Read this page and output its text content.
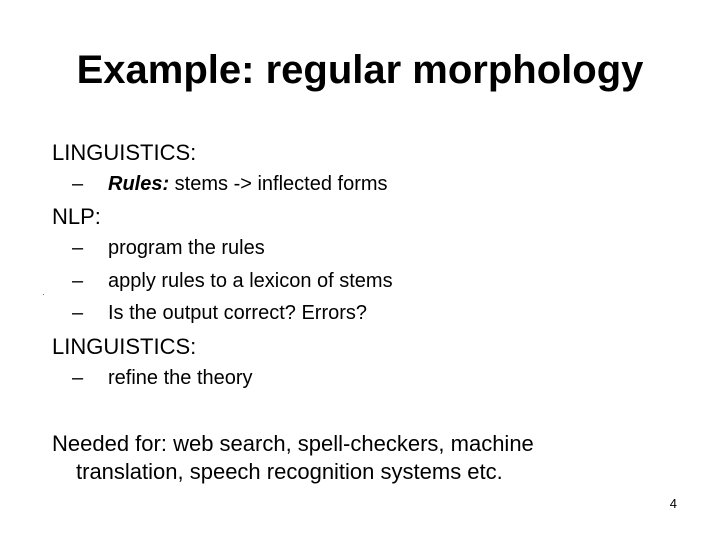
Example: regular morphology
LINGUISTICS:
– Rules: stems -> inflected forms
NLP:
– program the rules
– apply rules to a lexicon of stems
– Is the output correct? Errors?
LINGUISTICS:
– refine the theory
Needed for: web search, spell-checkers, machine translation, speech recognition systems etc.
4
